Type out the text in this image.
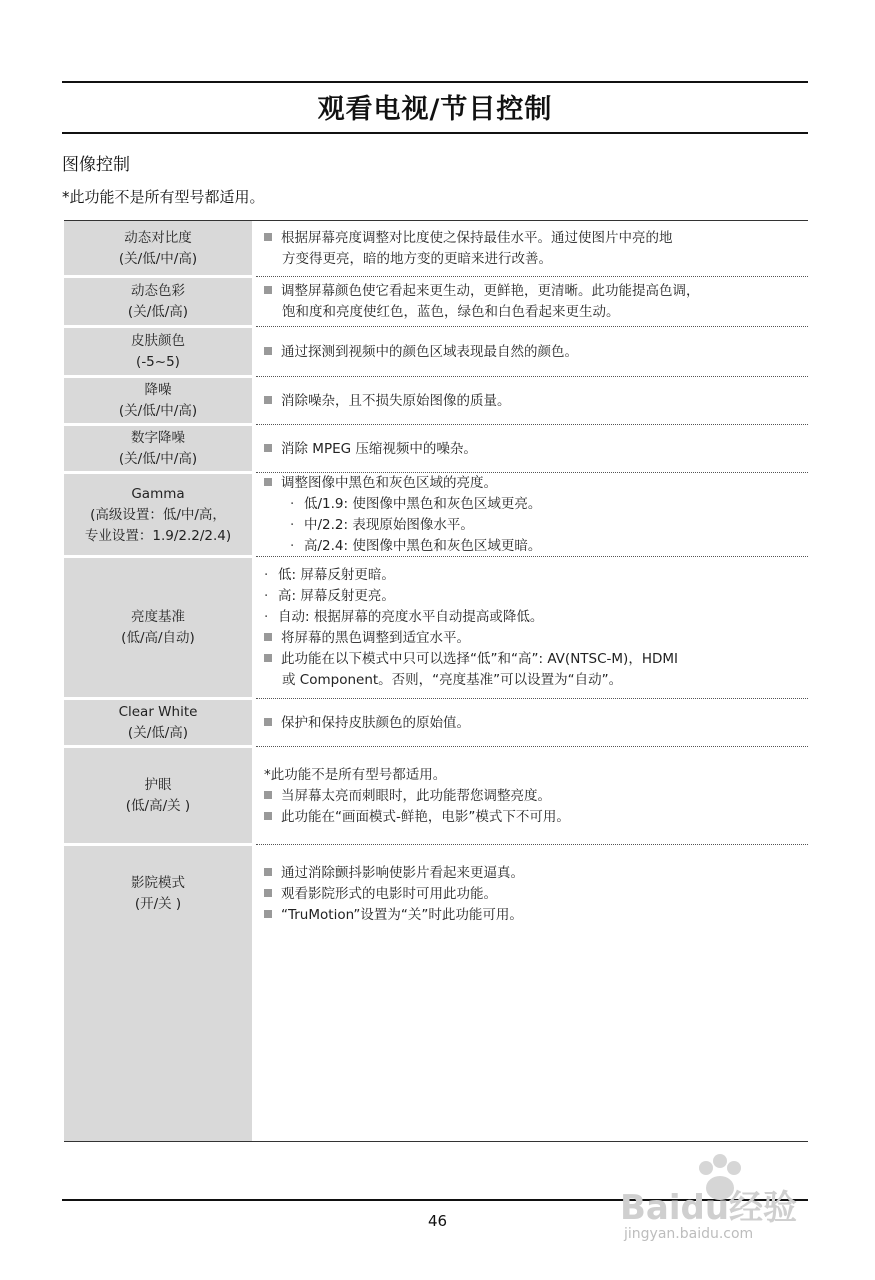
观看电视/节目控制
图像控制
*此功能不是所有型号都适用。
动态对比度
(关/低/中/高)
根据屏幕亮度调整对比度使之保持最佳水平。通过使图片中亮的地
方变得更亮，暗的地方变的更暗来进行改善。
动态色彩
(关/低/高)
调整屏幕颜色使它看起来更生动，更鲜艳，更清晰。此功能提高色调，
饱和度和亮度使红色，蓝色，绿色和白色看起来更生动。
皮肤颜色
(-5~5)
通过探测到视频中的颜色区域表现最自然的颜色。
降噪
(关/低/中/高)
消除噪杂，且不损失原始图像的质量。
数字降噪
(关/低/中/高)
消除 MPEG 压缩视频中的噪杂。
Gamma
(高级设置：低/中/高，
专业设置：1.9/2.2/2.4)
调整图像中黑色和灰色区域的亮度。
· 低/1.9: 使图像中黑色和灰色区域更亮。
· 中/2.2: 表现原始图像水平。
· 高/2.4: 使图像中黑色和灰色区域更暗。
亮度基准
(低/高/自动)
· 低: 屏幕反射更暗。
· 高: 屏幕反射更亮。
· 自动: 根据屏幕的亮度水平自动提高或降低。
将屏幕的黑色调整到适宜水平。
此功能在以下模式中只可以选择“低”和“高”: AV(NTSC-M)，HDMI
或 Component。否则，“亮度基准”可以设置为“自动”。
Clear White
(关/低/高)
保护和保持皮肤颜色的原始值。
护眼
(低/高/关 )
*此功能不是所有型号都适用。
当屏幕太亮而刺眼时，此功能帮您调整亮度。
此功能在“画面模式-鲜艳，电影”模式下不可用。
影院模式
(开/关 )
通过消除颤抖影响使影片看起来更逼真。
观看影院形式的电影时可用此功能。
“TruMotion”设置为“关”时此功能可用。
46	Baidu经验
jingyan.baidu.com
